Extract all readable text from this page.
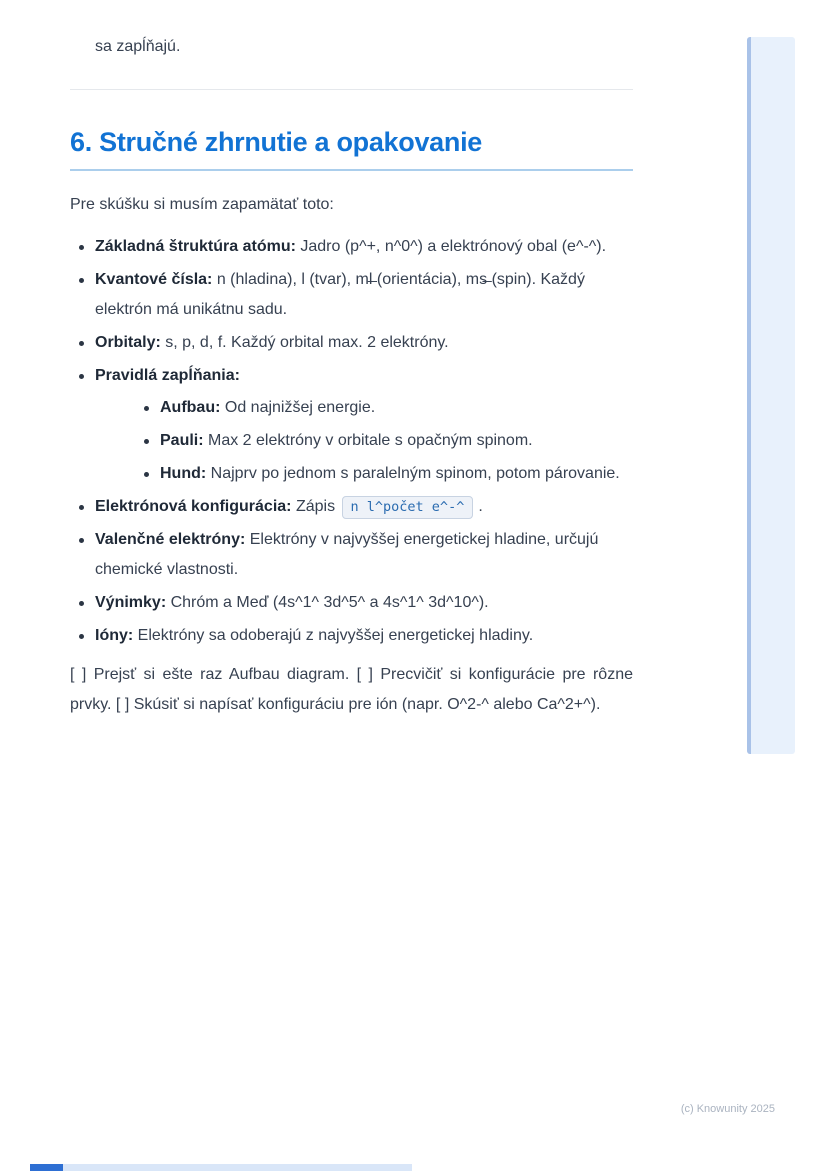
sa zapĺňajú.

6. Stručné zhrnutie a opakovanie

Pre skúšku si musím zapamätať toto:

Základná štruktúra atómu: Jadro (p^+, n^0^) a elektrónový obal (e^-^).
Kvantové čísla: n (hladina), l (tvar), ml̶ (orientácia), ms̶ (spin). Každý elektrón má unikátnu sadu.
Orbitaly: s, p, d, f. Každý orbital max. 2 elektróny.
Pravidlá zapĺňania:
Aufbau: Od najnižšej energie.
Pauli: Max 2 elektróny v orbitale s opačným spinom.
Hund: Najprv po jednom s paralelným spinom, potom párovanie.
Elektrónová konfigurácia: Zápis n l^počet e^-^ .
Valenčné elektróny: Elektróny v najvyššej energetickej hladine, určujú chemické vlastnosti.
Výnimky: Chróm a Meď (4s^1^ 3d^5^ a 4s^1^ 3d^10^).
Ióny: Elektróny sa odoberajú z najvyššej energetickej hladiny.

[ ] Prejsť si ešte raz Aufbau diagram. [ ] Precvičiť si konfigurácie pre rôzne prvky. [ ] Skúsiť si napísať konfiguráciu pre ión (napr. O^2-^ alebo Ca^2+^).

(c) Knowunity 2025
